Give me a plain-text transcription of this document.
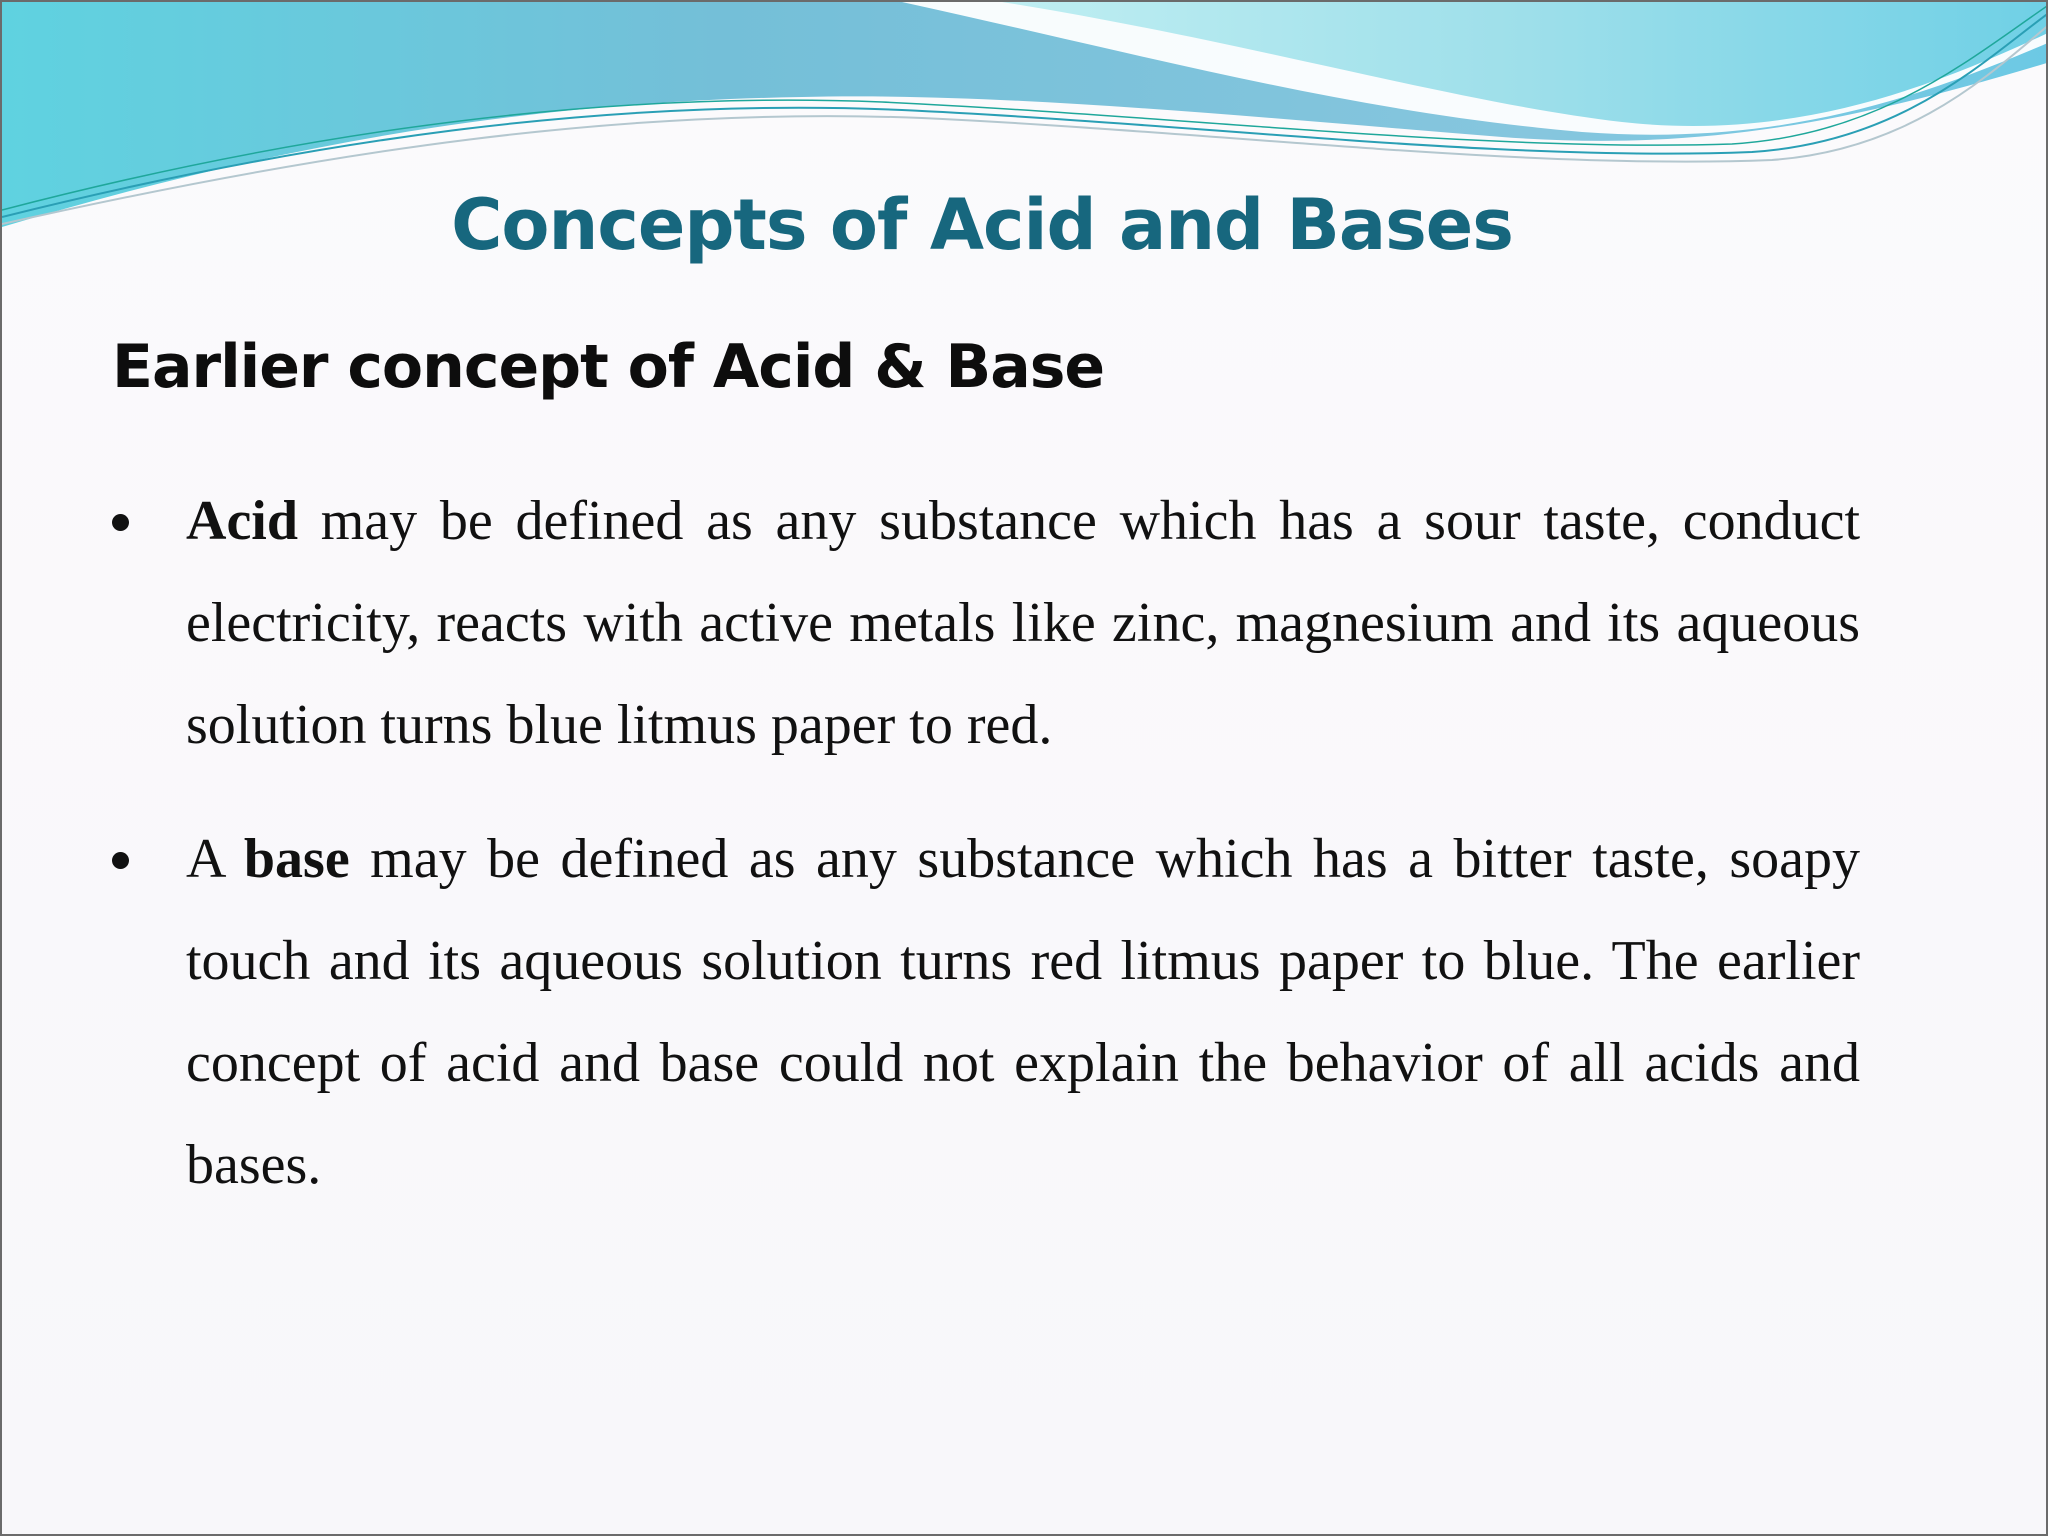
Concepts of Acid and Bases
Earlier concept of Acid & Base
Acid may be defined as any substance which has a sour taste, conduct electricity, reacts with active metals like zinc, magnesium and its aqueous solution turns blue litmus paper to red.
A base may be defined as any substance which has a bitter taste, soapy touch and its aqueous solution turns red litmus paper to blue. The earlier concept of acid and base could not explain the behavior of all acids and bases.
